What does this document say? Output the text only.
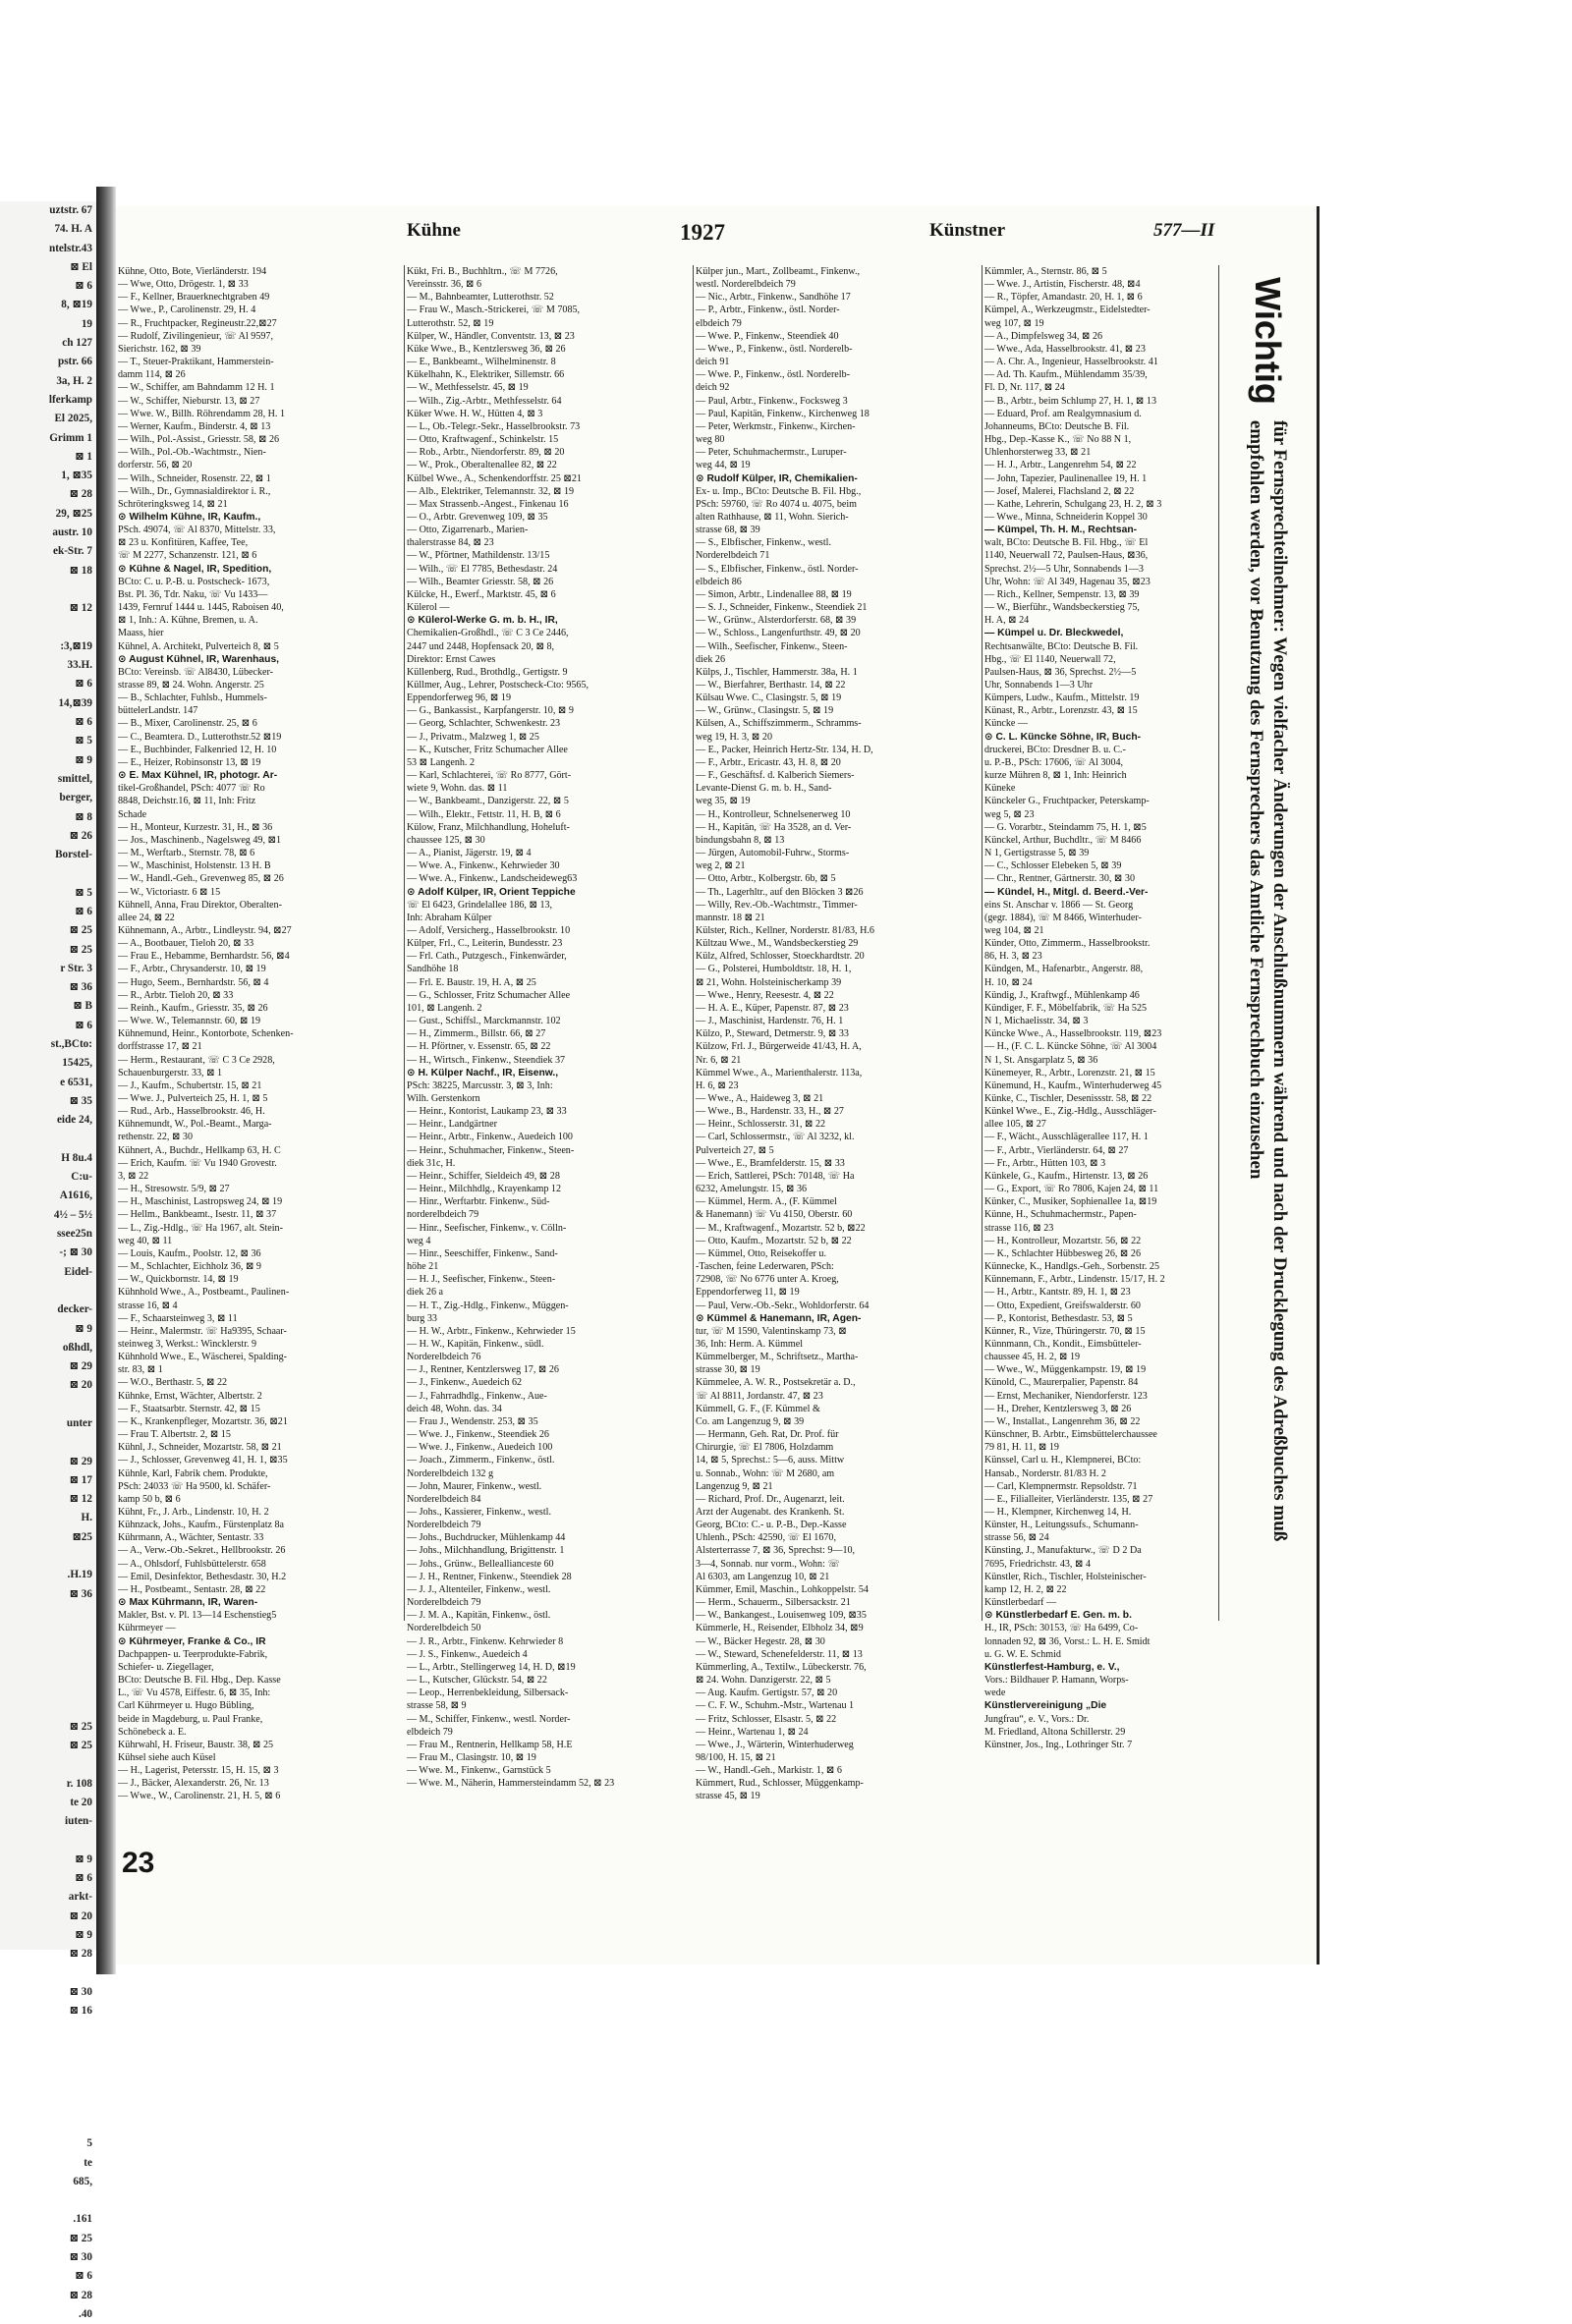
uztstr. 67
74. H. A
ntelstr.43
⊠ El
⊠ 6
8, ⊠19
19
ch 127
pstr. 66
3a, H. 2
lferkamp
El 2025,
Grimm 1
⊠ 1
1, ⊠35
⊠ 28
29, ⊠25
austr. 10
ek-Str. 7
⊠ 18

⊠ 12

:3,⊠19
33.H.
⊠ 6
14,⊠39
⊠ 6
⊠ 5
⊠ 9
smittel,
berger,
⊠ 8
⊠ 26
Borstel-

⊠ 5
⊠ 6
⊠ 25
⊠ 25
r Str. 3
⊠ 36
⊠ B
⊠ 6
st.,BCto:
15425,
e 6531,
⊠ 35
eide 24,

H 8u.4
C:u-
A1616,
4½ – 5½
ssee25n
-; ⊠ 30
Eidel-

decker-
⊠ 9
oßhdl,
⊠ 29
⊠ 20

unter

⊠ 29
⊠ 17
⊠ 12
H.
⊠25

.H.19
⊠ 36

⊠ 25
⊠ 25

r. 108
te 20
iuten-

⊠ 9
⊠ 6
arkt-
⊠ 20
⊠ 9
⊠ 28

⊠ 30
⊠ 16

5
te
685,

.161
⊠ 25
⊠ 30
⊠ 6
⊠ 28
.40
Kühne	1927	Künstner	577—II
Kühne, Otto, Bote, Vierländerstr. 194
— Wwe, Otto, Drögestr. 1, ⊠ 33
— F., Kellner, Brauerknechtgraben 49
— Wwe., P., Carolinenstr. 29, H. 4
— R., Fruchtpacker, Regineustr.22,⊠27
— Rudolf, Zivilingenieur, ☏ Al 9597,
Sierichstr. 162, ⊠ 39
— T., Steuer-Praktikant, Hammerstein-
damm 114, ⊠ 26
— W., Schiffer, am Bahndamm 12 H. 1
— W., Schiffer, Nieburstr. 13, ⊠ 27
— Wwe. W., Billh. Röhrendamm 28, H. 1
— Werner, Kaufm., Binderstr. 4, ⊠ 13
— Wilh., Pol.-Assist., Griesstr. 58, ⊠ 26
— Wilh., Pol.-Ob.-Wachtmstr., Nien-
dorferstr. 56, ⊠ 20
— Wilh., Schneider, Rosenstr. 22, ⊠ 1
— Wilh., Dr., Gymnasialdirektor i. R.,
Schröteringksweg 14, ⊠ 21
⊙ Wilhelm Kühne, IR, Kaufm.,
PSch. 49074, ☏ Al 8370, Mittelstr. 33,
⊠ 23 u. Konfitüren, Kaffee, Tee,
☏ M 2277, Schanzenstr. 121, ⊠ 6
⊙ Kühne & Nagel, IR, Spedition,
BCto: C. u. P.-B. u. Postscheck- 1673,
Bst. Pl. 36, Tdr. Naku, ☏ Vu 1433—
1439, Fernruf 1444 u. 1445, Raboisen 40,
⊠ 1, Inh.: A. Kühne, Bremen, u. A.
Maass, hier
Kühnel, A. Architekt, Pulverteich 8, ⊠ 5
⊙ August Kühnel, IR, Warenhaus,
BCto: Vereinsb. ☏ Al8430, Lübecker-
strasse 89, ⊠ 24. Wohn. Angerstr. 25
— B., Schlachter, Fuhlsb., Hummels-
büttelerLandstr. 147
— B., Mixer, Carolinenstr. 25, ⊠ 6
— C., Beamtera. D., Lutterothstr.52 ⊠19
— E., Buchbinder, Falkenried 12, H. 10
— E., Heizer, Robinsonstr 13, ⊠ 19
⊙ E. Max Kühnel, IR, photogr. Ar-
tikel-Großhandel, PSch: 4077 ☏ Ro
8848, Deichstr.16, ⊠ 11, Inh: Fritz
Schade
— H., Monteur, Kurzestr. 31, H., ⊠ 36
— Jos., Maschinenb., Nagelsweg 49, ⊠1
— M., Werftarb., Sternstr. 78, ⊠ 6
— W., Maschinist, Holstenstr. 13 H. B
— W., Handl.-Geh., Grevenweg 85, ⊠ 26
— W., Victoriastr. 6 ⊠ 15
Kühnell, Anna, Frau Direktor, Oberalten-
allee 24, ⊠ 22
Kühnemann, A., Arbtr., Lindleystr. 94, ⊠27
— A., Bootbauer, Tieloh 20, ⊠ 33
— Frau E., Hebamme, Bernhardstr. 56, ⊠4
— F., Arbtr., Chrysanderstr. 10, ⊠ 19
— Hugo, Seem., Bernhardstr. 56, ⊠ 4
— R., Arbtr. Tieloh 20, ⊠ 33
— Reinh., Kaufm., Griesstr. 35, ⊠ 26
— Wwe. W., Telemannstr. 60, ⊠ 19
Kühnemund, Heinr., Kontorbote, Schenken-
dorffstrasse 17, ⊠ 21
— Herm., Restaurant, ☏ C 3 Ce 2928,
Schauenburgerstr. 33, ⊠ 1
— J., Kaufm., Schubertstr. 15, ⊠ 21
— Wwe. J., Pulverteich 25, H. 1, ⊠ 5
— Rud., Arb., Hasselbrookstr. 46, H.
Kühnemundt, W., Pol.-Beamt., Marga-
rethenstr. 22, ⊠ 30
Kühnert, A., Buchdr., Hellkamp 63, H. C
— Erich, Kaufm. ☏ Vu 1940 Grovestr.
3, ⊠ 22
— H., Stresowstr. 5/9, ⊠ 27
— H., Maschinist, Lastropsweg 24, ⊠ 19
— Hellm., Bankbeamt., Isestr. 11, ⊠ 37
— L., Zig.-Hdlg., ☏ Ha 1967, alt. Stein-
weg 40, ⊠ 11
— Louis, Kaufm., Poolstr. 12, ⊠ 36
— M., Schlachter, Eichholz 36, ⊠ 9
— W., Quickbornstr. 14, ⊠ 19
Kühnhold Wwe., A., Postbeamt., Paulinen-
strasse 16, ⊠ 4
— F., Schaarsteinweg 3, ⊠ 11
— Heinr., Malermstr. ☏ Ha9395, Schaar-
steinweg 3, Werkst.: Wincklerstr. 9
Kühnhold Wwe., E., Wäscherei, Spalding-
str. 83, ⊠ 1
— W.O., Berthastr. 5, ⊠ 22
Kühnke, Ernst, Wächter, Albertstr. 2
— F., Staatsarbtr. Sternstr. 42, ⊠ 15
— K., Krankenpfleger, Mozartstr. 36, ⊠21
— Frau T. Albertstr. 2, ⊠ 15
Kühnl, J., Schneider, Mozartstr. 58, ⊠ 21
— J., Schlosser, Grevenweg 41, H. 1, ⊠35
Kühnle, Karl, Fabrik chem. Produkte,
PSch: 24033 ☏ Ha 9500, kl. Schäfer-
kamp 50 b, ⊠ 6
Kühnt, Fr., J. Arb., Lindenstr. 10, H. 2
Kühnzack, Johs., Kaufm., Fürstenplatz 8a
Kührmann, A., Wächter, Sentastr. 33
— A., Verw.-Ob.-Sekret., Hellbrookstr. 26
— A., Ohlsdorf, Fuhlsbüttelerstr. 658
— Emil, Desinfektor, Bethesdastr. 30, H.2
— H., Postbeamt., Sentastr. 28, ⊠ 22
⊙ Max Kührmann, IR, Waren-
Makler, Bst. v. Pl. 13—14 Eschenstieg5
Kührmeyer —
⊙ Kührmeyer, Franke & Co., IR
Dachpappen- u. Teerprodukte-Fabrik,
Schiefer- u. Ziegellager,
BCto: Deutsche B. Fil. Hbg., Dep. Kasse
L., ☏ Vu 4578, Eiffestr. 6, ⊠ 35, Inh:
Carl Kührmeyer u. Hugo Bübling,
beide in Magdeburg, u. Paul Franke,
Schönebeck a. E.
Kührwahl, H. Friseur, Baustr. 38, ⊠ 25
Kühsel siehe auch Küsel
— H., Lagerist, Petersstr. 15, H. 15, ⊠ 3
— J., Bäcker, Alexanderstr. 26, Nr. 13
— Wwe., W., Carolinenstr. 21, H. 5, ⊠ 6
Kükt, Fri. B., Buchhltrn., ☏ M 7726,
Vereinsstr. 36, ⊠ 6
— M., Bahnbeamter, Lutterothstr. 52
— Frau W., Masch.-Strickerei, ☏ M 7085,
Lutterothstr. 52, ⊠ 19
Külper, W., Händler, Conventstr. 13, ⊠ 23
Küke Wwe., B., Kentzlersweg 36, ⊠ 26
— E., Bankbeamt., Wilhelminenstr. 8
Kükelhahn, K., Elektriker, Sillemstr. 66
— W., Methfesselstr. 45, ⊠ 19
— Wilh., Zig.-Arbtr., Methfesselstr. 64
Küker Wwe. H. W., Hütten 4, ⊠ 3
— L., Ob.-Telegr.-Sekr., Hasselbrookstr. 73
— Otto, Kraftwagenf., Schinkelstr. 15
— Rob., Arbtr., Niendorferstr. 89, ⊠ 20
— W., Prok., Oberaltenallee 82, ⊠ 22
Külbel Wwe., A., Schenkendorffstr. 25 ⊠21
— Alb., Elektriker, Telemannstr. 32, ⊠ 19
— Max Strassenb.-Angest., Finkenau 16
— O., Arbtr. Grevenweg 109, ⊠ 35
— Otto, Zigarrenarb., Marien-
thalerstrasse 84, ⊠ 23
— W., Pförtner, Mathildenstr. 13/15
— Wilh., ☏ El 7785, Bethesdastr. 24
— Wilh., Beamter Griesstr. 58, ⊠ 26
Külcke, H., Ewerf., Marktstr. 45, ⊠ 6
Külerol —
⊙ Külerol-Werke G. m. b. H., IR,
Chemikalien-Großhdl., ☏ C 3 Ce 2446,
2447 und 2448, Hopfensack 20, ⊠ 8,
Direktor: Ernst Cawes
Küllenberg, Rud., Brothdlg., Gertigstr. 9
Küllmer, Aug., Lehrer, Postscheck-Cto: 9565,
Eppendorferweg 96, ⊠ 19
— G., Bankassist., Karpfangerstr. 10, ⊠ 9
— Georg, Schlachter, Schwenkestr. 23
— J., Privatm., Malzweg 1, ⊠ 25
— K., Kutscher, Fritz Schumacher Allee
53 ⊠ Langenh. 2
— Karl, Schlachterei, ☏ Ro 8777, Gört-
wiete 9, Wohn. das. ⊠ 11
— W., Bankbeamt., Danzigerstr. 22, ⊠ 5
— Wilh., Elektr., Fettstr. 11, H. B, ⊠ 6
Külow, Franz, Milchhandlung, Hoheluft-
chaussee 125, ⊠ 30
— A., Pianist, Jägerstr. 19, ⊠ 4
— Wwe. A., Finkenw., Kehrwieder 30
— Wwe. A., Finkenw., Landscheideweg63
⊙ Adolf Külper, IR, Orient Teppiche
☏ El 6423, Grindelallee 186, ⊠ 13,
Inh: Abraham Külper
— Adolf, Versicherg., Hasselbrookstr. 10
Külper, Frl., C., Leiterin, Bundesstr. 23
— Frl. Cath., Putzgesch., Finkenwärder,
Sandhöhe 18
— Frl. E. Baustr. 19, H. A, ⊠ 25
— G., Schlosser, Fritz Schumacher Allee
101, ⊠ Langenh. 2
— Gust., Schiffsl., Marckmannstr. 102
— H., Zimmerm., Billstr. 66, ⊠ 27
— H. Pförtner, v. Essenstr. 65, ⊠ 22
— H., Wirtsch., Finkenw., Steendiek 37
⊙ H. Külper Nachf., IR, Eisenw.,
PSch: 38225, Marcusstr. 3, ⊠ 3, Inh:
Wilh. Gerstenkorn
— Heinr., Kontorist, Laukamp 23, ⊠ 33
— Heinr., Landgärtner
— Heinr., Arbtr., Finkenw., Auedeich 100
— Heinr., Schuhmacher, Finkenw., Steen-
diek 31c, H.
— Heinr., Schiffer, Sieldeich 49, ⊠ 28
— Heinr., Milchhdlg., Krayenkamp 12
— Hinr., Werftarbtr. Finkenw., Süd-
norderelbdeich 79
— Hinr., Seefischer, Finkenw., v. Cölln-
weg 4
— Hinr., Seeschiffer, Finkenw., Sand-
höhe 21
— H. J., Seefischer, Finkenw., Steen-
diek 26 a
— H. T., Zig.-Hdlg., Finkenw., Müggen-
burg 33
— H. W., Arbtr., Finkenw., Kehrwieder 15
— H. W., Kapitän, Finkenw., südl.
Norderelbdeich 76
— J., Rentner, Kentzlersweg 17, ⊠ 26
— J., Finkenw., Auedeich 62
— J., Fahrradhdlg., Finkenw., Aue-
deich 48, Wohn. das. 34
— Frau J., Wendenstr. 253, ⊠ 35
— Wwe. J., Finkenw., Steendiek 26
— Wwe. J., Finkenw., Auedeich 100
— Joach., Zimmerm., Finkenw., östl.
Norderelbdeich 132 g
— John, Maurer, Finkenw., westl.
Norderelbdeich 84
— Johs., Kassierer, Finkenw., westl.
Norderelbdeich 79
— Johs., Buchdrucker, Mühlenkamp 44
— Johs., Milchhandlung, Brigittenstr. 1
— Johs., Grünw., Belleallianceste 60
— J. H., Rentner, Finkenw., Steendiek 28
— J. J., Altenteiler, Finkenw., westl.
Norderelbdeich 79
— J. M. A., Kapitän, Finkenw., östl.
Norderelbdeich 50
— J. R., Arbtr., Finkenw. Kehrwieder 8
— J. S., Finkenw., Auedeich 4
— L., Arbtr., Stellingerweg 14, H. D, ⊠19
— L., Kutscher, Glückstr. 54, ⊠ 22
— Leop., Herrenbekleidung, Silbersack-
strasse 58, ⊠ 9
— M., Schiffer, Finkenw., westl. Norder-
elbdeich 79
— Frau M., Rentnerin, Hellkamp 58, H.E
— Frau M., Clasingstr. 10, ⊠ 19
— Wwe. M., Finkenw., Garnstück 5
— Wwe. M., Näherin, Hammersteindamm 52, ⊠ 23
Külper jun., Mart., Zollbeamt., Finkenw.,
westl. Norderelbdeich 79
— Nic., Arbtr., Finkenw., Sandhöhe 17
— P., Arbtr., Finkenw., östl. Norder-
elbdeich 79
— Wwe. P., Finkenw., Steendiek 40
— Wwe., P., Finkenw., östl. Norderelb-
deich 91
— Wwe. P., Finkenw., östl. Norderelb-
deich 92
— Paul, Arbtr., Finkenw., Focksweg 3
— Paul, Kapitän, Finkenw., Kirchenweg 18
— Peter, Werkmstr., Finkenw., Kirchen-
weg 80
— Peter, Schuhmachermstr., Luruper-
weg 44, ⊠ 19
⊙ Rudolf Külper, IR, Chemikalien-
Ex- u. Imp., BCto: Deutsche B. Fil. Hbg.,
PSch: 59760, ☏ Ro 4074 u. 4075, beim
alten Rathhause, ⊠ 11, Wohn. Sierich-
strasse 68, ⊠ 39
— S., Elbfischer, Finkenw., westl.
Norderelbdeich 71
— S., Elbfischer, Finkenw., östl. Norder-
elbdeich 86
— Simon, Arbtr., Lindenallee 88, ⊠ 19
— S. J., Schneider, Finkenw., Steendiek 21
— W., Grünw., Alsterdorferstr. 68, ⊠ 39
— W., Schloss., Langenfurthstr. 49, ⊠ 20
— Wilh., Seefischer, Finkenw., Steen-
diek 26
Külps, J., Tischler, Hammerstr. 38a, H. 1
— W., Bierfahrer, Berthastr. 14, ⊠ 22
Külsau Wwe. C., Clasingstr. 5, ⊠ 19
— W., Grünw., Clasingstr. 5, ⊠ 19
Külsen, A., Schiffszimmerm., Schramms-
weg 19, H. 3, ⊠ 20
— E., Packer, Heinrich Hertz-Str. 134, H. D,
— F., Arbtr., Ericastr. 43, H. 8, ⊠ 20
— F., Geschäftsf. d. Kalberich Siemers-
Levante-Dienst G. m. b. H., Sand-
weg 35, ⊠ 19
— H., Kontrolleur, Schnelsenerweg 10
— H., Kapitän, ☏ Ha 3528, an d. Ver-
bindungsbahn 8, ⊠ 13
— Jürgen, Automobil-Fuhrw., Storms-
weg 2, ⊠ 21
— Otto, Arbtr., Kolbergstr. 6b, ⊠ 5
— Th., Lagerhltr., auf den Blöcken 3 ⊠26
— Willy, Rev.-Ob.-Wachtmstr., Timmer-
mannstr. 18 ⊠ 21
Külster, Rich., Kellner, Norderstr. 81/83, H.6
Kültzau Wwe., M., Wandsbeckerstieg 29
Külz, Alfred, Schlosser, Stoeckhardtstr. 20
— G., Polsterei, Humboldtstr. 18, H. 1,
⊠ 21, Wohn. Holsteinischerkamp 39
— Wwe., Henry, Reesestr. 4, ⊠ 22
— H. A. E., Küper, Papenstr. 87, ⊠ 23
— J., Maschinist, Hardenstr. 76, H. 1
Külzo, P., Steward, Detmerstr. 9, ⊠ 33
Külzow, Frl. J., Bürgerweide 41/43, H. A,
Nr. 6, ⊠ 21
Kümmel Wwe., A., Marienthalerstr. 113a,
H. 6, ⊠ 23
— Wwe., A., Haideweg 3, ⊠ 21
— Wwe., B., Hardenstr. 33, H., ⊠ 27
— Heinr., Schlosserstr. 31, ⊠ 22
— Carl, Schlossermstr., ☏ Al 3232, kl.
Pulverteich 27, ⊠ 5
— Wwe., E., Bramfelderstr. 15, ⊠ 33
— Erich, Sattlerei, PSch: 70148, ☏ Ha
6232, Amelungstr. 15, ⊠ 36
— Kümmel, Herm. A., (F. Kümmel
& Hanemann) ☏ Vu 4150, Oberstr. 60
— M., Kraftwagenf., Mozartstr. 52 b, ⊠22
— Otto, Kaufm., Mozartstr. 52 b, ⊠ 22
— Kümmel, Otto, Reisekoffer u.
-Taschen, feine Lederwaren, PSch:
72908, ☏ No 6776 unter A. Kroeg,
Eppendorferweg 11, ⊠ 19
— Paul, Verw.-Ob.-Sekr., Wohldorferstr. 64
⊙ Kümmel & Hanemann, IR, Agen-
tur, ☏ M 1590, Valentinskamp 73, ⊠
36, Inh: Herm. A. Kümmel
Kümmelberger, M., Schriftsetz., Martha-
strasse 30, ⊠ 19
Kümmelee, A. W. R., Postsekretär a. D.,
☏ Al 8811, Jordanstr. 47, ⊠ 23
Kümmell, G. F., (F. Kümmel &
Co. am Langenzug 9, ⊠ 39
— Hermann, Geh. Rat, Dr. Prof. für
Chirurgie, ☏ El 7806, Holzdamm
14, ⊠ 5, Sprechst.: 5—6, auss. Mittw
u. Sonnab., Wohn: ☏ M 2680, am
Langenzug 9, ⊠ 21
— Richard, Prof. Dr., Augenarzt, leit.
Arzt der Augenabt. des Krankenh. St.
Georg, BCto: C.- u. P.-B., Dep.-Kasse
Uhlenh., PSch: 42590, ☏ El 1670,
Alsterterrasse 7, ⊠ 36, Sprechst: 9—10,
3—4, Sonnab. nur vorm., Wohn: ☏
Al 6303, am Langenzug 10, ⊠ 21
Kümmer, Emil, Maschin., Lohkoppelstr. 54
— Herm., Schauerm., Silbersackstr. 21
— W., Bankangest., Louisenweg 109, ⊠35
Kümmerle, H., Reisender, Elbholz 34, ⊠9
— W., Bäcker Hegestr. 28, ⊠ 30
— W., Steward, Schenefelderstr. 11, ⊠ 13
Kümmerling, A., Textilw., Lübeckerstr. 76,
⊠ 24. Wohn. Danzigerstr. 22, ⊠ 5
— Aug. Kaufm. Gertigstr. 57, ⊠ 20
— C. F. W., Schuhm.-Mstr., Wartenau 1
— Fritz, Schlosser, Elsastr. 5, ⊠ 22
— Heinr., Wartenau 1, ⊠ 24
— Wwe., J., Wärterin, Winterhuderweg
98/100, H. 15, ⊠ 21
— W., Handl.-Geh., Markistr. 1, ⊠ 6
Kümmert, Rud., Schlosser, Müggenkamp-
strasse 45, ⊠ 19
Kümmler, A., Sternstr. 86, ⊠ 5
— Wwe. J., Artistin, Fischerstr. 48, ⊠4
— R., Töpfer, Amandastr. 20, H. 1, ⊠ 6
Kümpel, A., Werkzeugmstr., Eidelstedter-
weg 107, ⊠ 19
— A., Dimpfelsweg 34, ⊠ 26
— Wwe., Ada, Hasselbrookstr. 41, ⊠ 23
— A. Chr. A., Ingenieur, Hasselbrookstr. 41
— Ad. Th. Kaufm., Mühlendamm 35/39,
Fl. D, Nr. 117, ⊠ 24
— B., Arbtr., beim Schlump 27, H. 1, ⊠ 13
— Eduard, Prof. am Realgymnasium d.
Johanneums, BCto: Deutsche B. Fil.
Hbg., Dep.-Kasse K., ☏ No 88 N 1,
Uhlenhorsterweg 33, ⊠ 21
— H. J., Arbtr., Langenrehm 54, ⊠ 22
— John, Tapezier, Paulinenallee 19, H. 1
— Josef, Malerei, Flachsland 2, ⊠ 22
— Kathe, Lehrerin, Schulgang 23, H. 2, ⊠ 3
— Wwe., Minna, Schneiderin Koppel 30
— Kümpel, Th. H. M., Rechtsan-
walt, BCto: Deutsche B. Fil. Hbg., ☏ El
1140, Neuerwall 72, Paulsen-Haus, ⊠36,
Sprechst. 2½—5 Uhr, Sonnabends 1—3
Uhr, Wohn: ☏ Al 349, Hagenau 35, ⊠23
— Rich., Kellner, Sempenstr. 13, ⊠ 39
— W., Bierführ., Wandsbeckerstieg 75,
H. A, ⊠ 24
— Kümpel u. Dr. Bleckwedel,
Rechtsanwälte, BCto: Deutsche B. Fil.
Hbg., ☏ El 1140, Neuerwall 72,
Paulsen-Haus, ⊠ 36, Sprechst. 2½—5
Uhr, Sonnabends 1—3 Uhr
Kümpers, Ludw., Kaufm., Mittelstr. 19
Künast, R., Arbtr., Lorenzstr. 43, ⊠ 15
Küncke —
⊙ C. L. Küncke Söhne, IR, Buch-
druckerei, BCto: Dresdner B. u. C.-
u. P.-B., PSch: 17606, ☏ Al 3004,
kurze Mühren 8, ⊠ 1, Inh: Heinrich
Küneke
Künckeler G., Fruchtpacker, Peterskamp-
weg 5, ⊠ 23
— G. Vorarbtr., Steindamm 75, H. 1, ⊠5
Künckel, Arthur, Buchdltr., ☏ M 8466
N 1, Gertigstrasse 5, ⊠ 39
— C., Schlosser Elebeken 5, ⊠ 39
— Chr., Rentner, Gärtnerstr. 30, ⊠ 30
— Kündel, H., Mitgl. d. Beerd.-Ver-
eins St. Anschar v. 1866 — St. Georg
(gegr. 1884), ☏ M 8466, Winterhuder-
weg 104, ⊠ 21
Künder, Otto, Zimmerm., Hasselbrookstr.
86, H. 3, ⊠ 23
Kündgen, M., Hafenarbtr., Angerstr. 88,
H. 10, ⊠ 24
Kündig, J., Kraftwgf., Mühlenkamp 46
Kündiger, F. F., Möbelfabrik, ☏ Ha 525
N 1, Michaelisstr. 34, ⊠ 3
Küncke Wwe., A., Hasselbrookstr. 119, ⊠23
— H., (F. C. L. Küncke Söhne, ☏ Al 3004
N 1, St. Ansgarplatz 5, ⊠ 36
Künemeyer, R., Arbtr., Lorenzstr. 21, ⊠ 15
Künemund, H., Kaufm., Winterhuderweg 45
Künke, C., Tischler, Desenissstr. 58, ⊠ 22
Künkel Wwe., E., Zig.-Hdlg., Ausschläger-
allee 105, ⊠ 27
— F., Wächt., Ausschlägerallee 117, H. 1
— F., Arbtr., Vierländerstr. 64, ⊠ 27
— Fr., Arbtr., Hütten 103, ⊠ 3
Künkele, G., Kaufm., Hirtenstr. 13, ⊠ 26
— G., Export, ☏ Ro 7806, Kajen 24, ⊠ 11
Künker, C., Musiker, Sophienallee 1a, ⊠19
Künne, H., Schuhmachermstr., Papen-
strasse 116, ⊠ 23
— H., Kontrolleur, Mozartstr. 56, ⊠ 22
— K., Schlachter Hübbesweg 26, ⊠ 26
Künnecke, K., Handlgs.-Geh., Sorbenstr. 25
Künnemann, F., Arbtr., Lindenstr. 15/17, H. 2
— H., Arbtr., Kantstr. 89, H. 1, ⊠ 23
— Otto, Expedient, Greifswalderstr. 60
— P., Kontorist, Bethesdastr. 53, ⊠ 5
Künner, R., Vize, Thüringerstr. 70, ⊠ 15
Künnmann, Ch., Kondit., Eimsbütteler-
chaussee 45, H. 2, ⊠ 19
— Wwe., W., Müggenkampstr. 19, ⊠ 19
Künold, C., Maurerpalier, Papenstr. 84
— Ernst, Mechaniker, Niendorferstr. 123
— H., Dreher, Kentzlersweg 3, ⊠ 26
— W., Installat., Langenrehm 36, ⊠ 22
Künschner, B. Arbtr., Eimsbüttelerchaussee
79 81, H. 11, ⊠ 19
Künssel, Carl u. H., Klempnerei, BCto:
Hansab., Norderstr. 81/83 H. 2
— Carl, Klempnermstr. Repsoldstr. 71
— E., Filialleiter, Vierländerstr. 135, ⊠ 27
— H., Klempner, Kirchenweg 14, H.
Künster, H., Leitungssufs., Schumann-
strasse 56, ⊠ 24
Künsting, J., Manufakturw., ☏ D 2 Da
7695, Friedrichstr. 43, ⊠ 4
Künstler, Rich., Tischler, Holsteinischer-
kamp 12, H. 2, ⊠ 22
Künstlerbedarf —
⊙ Künstlerbedarf E. Gen. m. b.
H., IR, PSch: 30153, ☏ Ha 6499, Co-
lonnaden 92, ⊠ 36, Vorst.: L. H. E. Smidt
u. G. W. E. Schmid
Künstlerfest-Hamburg, e. V.,
Vors.: Bildhauer P. Hamann, Worps-
wede
Künstlervereinigung „Die
Jungfrau“, e. V., Vors.: Dr.
M. Friedland, Altona Schillerstr. 29
Künstner, Jos., Ing., Lothringer Str. 7
Wichtig für Fernsprechteilnehmer: Wegen vielfacher Änderungen der Anschlußnummern während und nach der Drucklegung des Adreßbuches muß empfohlen werden, vor Benutzung des Fernsprechers das Amtliche Fernsprechbuch einzusehen
23
